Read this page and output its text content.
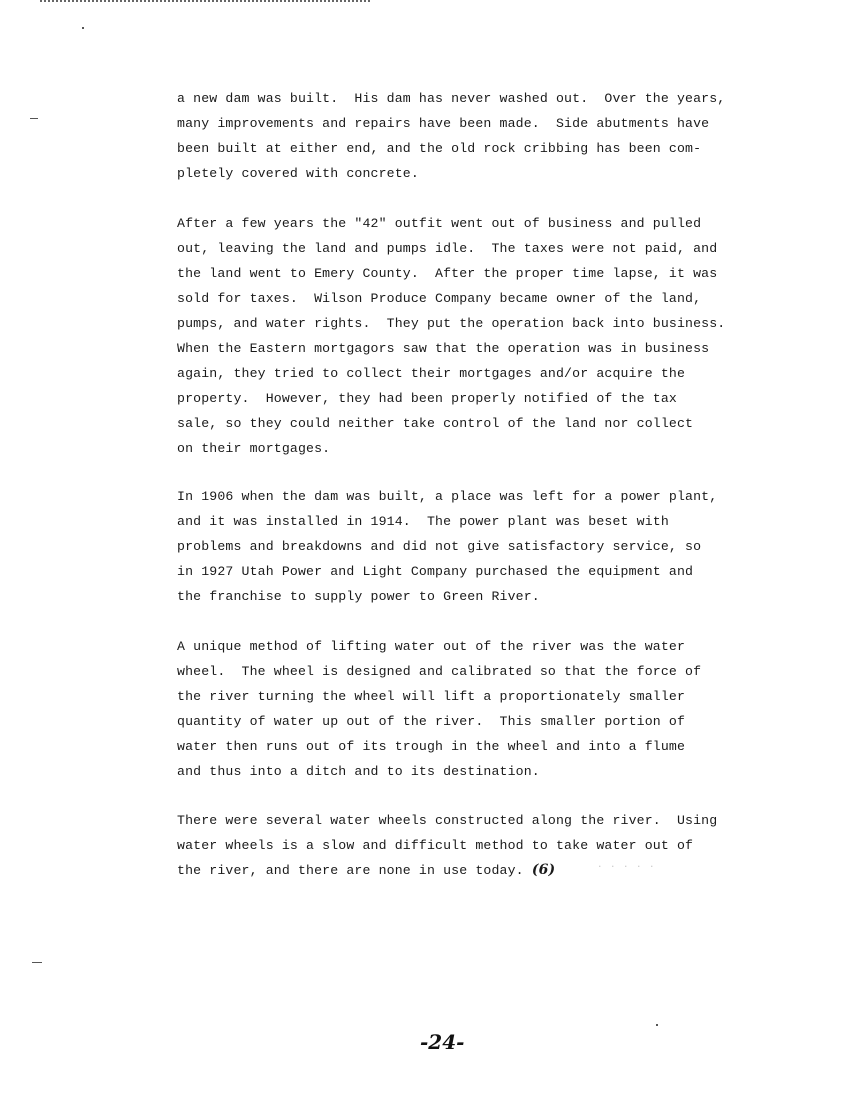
a new dam was built.  His dam has never washed out.  Over the years,
many improvements and repairs have been made.  Side abutments have
been built at either end, and the old rock cribbing has been com-
pletely covered with concrete.
After a few years the "42" outfit went out of business and pulled
out, leaving the land and pumps idle.  The taxes were not paid, and
the land went to Emery County.  After the proper time lapse, it was
sold for taxes.  Wilson Produce Company became owner of the land,
pumps, and water rights.  They put the operation back into business.
When the Eastern mortgagors saw that the operation was in business
again, they tried to collect their mortgages and/or acquire the
property.  However, they had been properly notified of the tax
sale, so they could neither take control of the land nor collect
on their mortgages.
In 1906 when the dam was built, a place was left for a power plant,
and it was installed in 1914.  The power plant was beset with
problems and breakdowns and did not give satisfactory service, so
in 1927 Utah Power and Light Company purchased the equipment and
the franchise to supply power to Green River.
A unique method of lifting water out of the river was the water
wheel.  The wheel is designed and calibrated so that the force of
the river turning the wheel will lift a proportionately smaller
quantity of water up out of the river.  This smaller portion of
water then runs out of its trough in the wheel and into a flume
and thus into a ditch and to its destination.
There were several water wheels constructed along the river.  Using
water wheels is a slow and difficult method to take water out of
the river, and there are none in use today. (6)	· · · · ·
-24-
